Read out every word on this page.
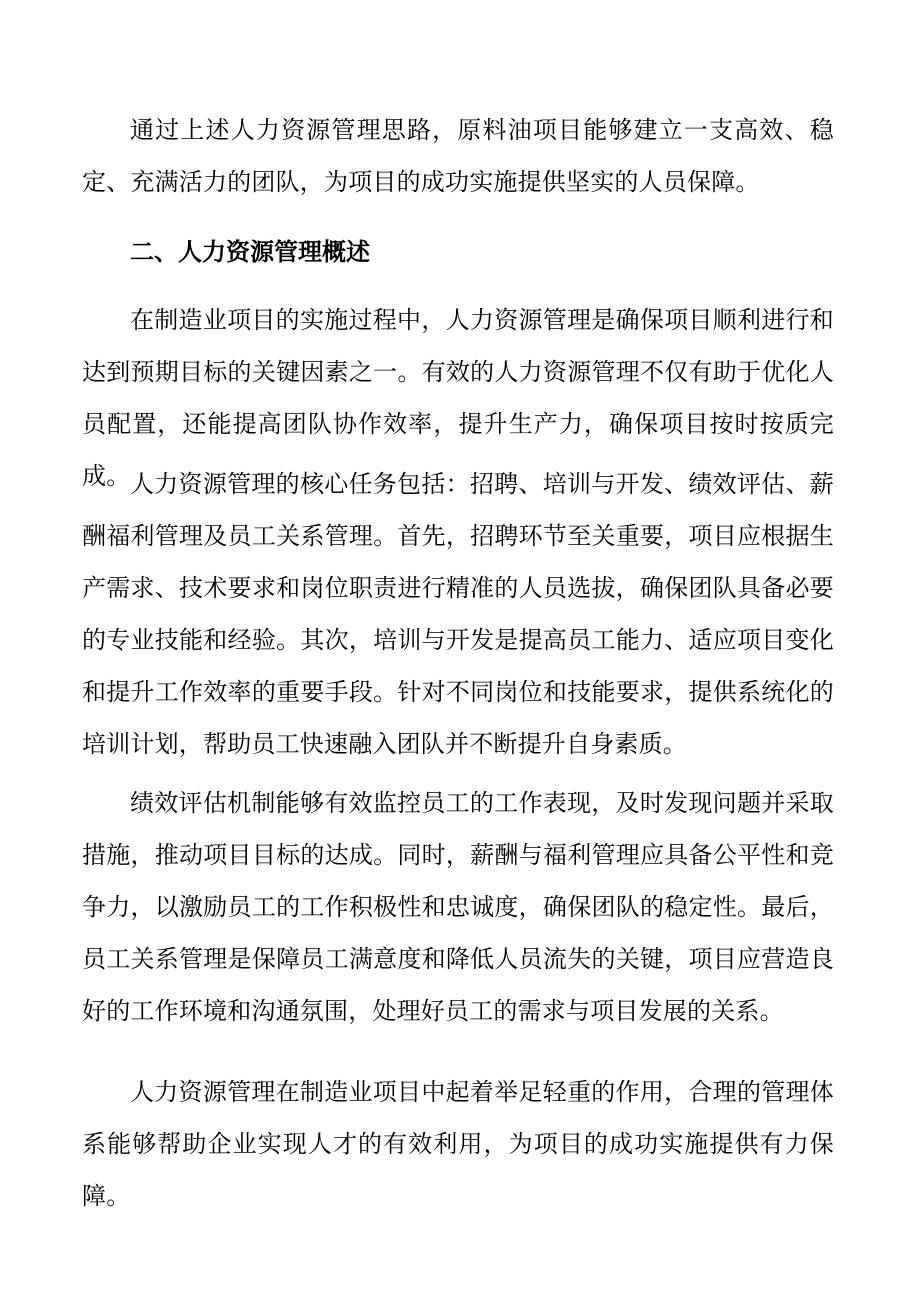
通过上述人力资源管理思路，原料油项目能够建立一支高效、稳定、充满活力的团队，为项目的成功实施提供坚实的人员保障。

二、人力资源管理概述

在制造业项目的实施过程中，人力资源管理是确保项目顺利进行和达到预期目标的关键因素之一。有效的人力资源管理不仅有助于优化人员配置，还能提高团队协作效率，提升生产力，确保项目按时按质完成。 人力资源管理的核心任务包括：招聘、培训与开发、绩效评估、薪酬福利管理及员工关系管理。首先，招聘环节至关重要，项目应根据生产需求、技术要求和岗位职责进行精准的人员选拔，确保团队具备必要的专业技能和经验。其次，培训与开发是提高员工能力、适应项目变化和提升工作效率的重要手段。针对不同岗位和技能要求，提供系统化的培训计划，帮助员工快速融入团队并不断提升自身素质。

绩效评估机制能够有效监控员工的工作表现，及时发现问题并采取措施，推动项目目标的达成。同时，薪酬与福利管理应具备公平性和竞争力，以激励员工的工作积极性和忠诚度，确保团队的稳定性。最后，员工关系管理是保障员工满意度和降低人员流失的关键，项目应营造良好的工作环境和沟通氛围，处理好员工的需求与项目发展的关系。

人力资源管理在制造业项目中起着举足轻重的作用，合理的管理体系能够帮助企业实现人才的有效利用，为项目的成功实施提供有力保障。
